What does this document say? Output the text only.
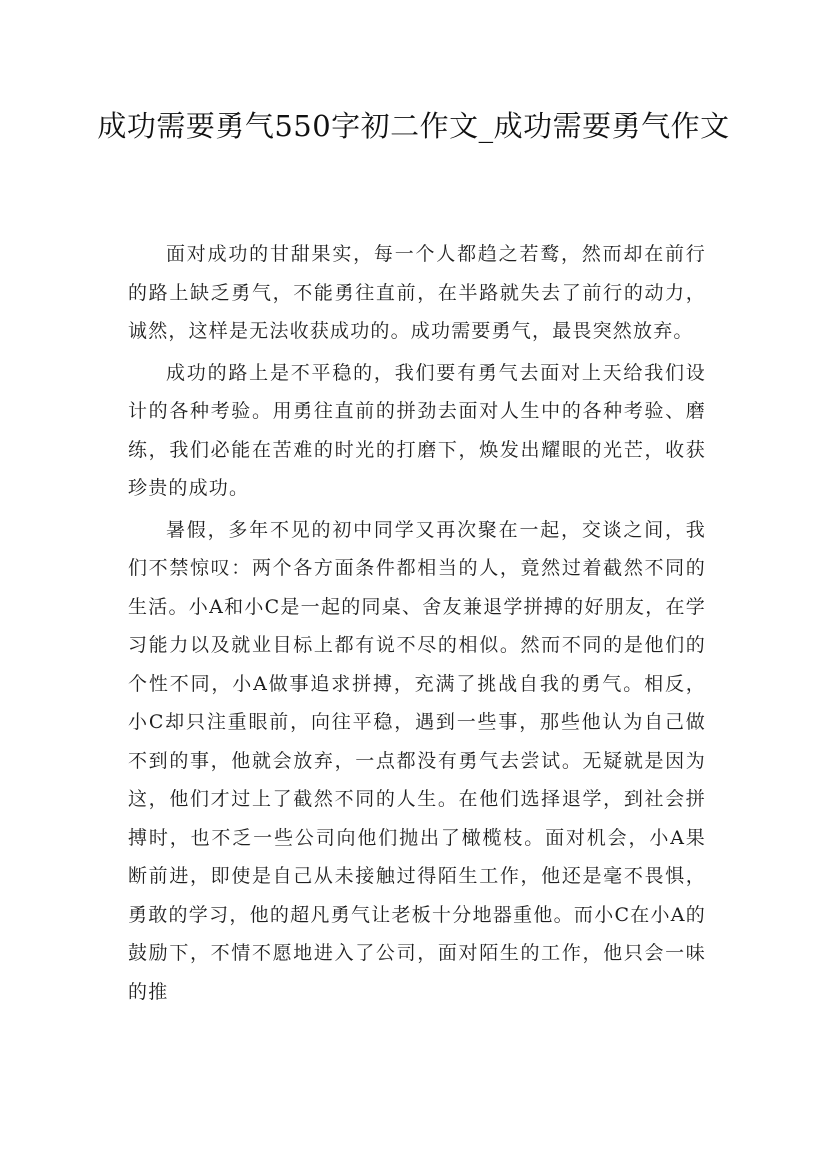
成功需要勇气550字初二作文_成功需要勇气作文

面对成功的甘甜果实，每一个人都趋之若鹜，然而却在前行的路上缺乏勇气，不能勇往直前，在半路就失去了前行的动力，诚然，这样是无法收获成功的。成功需要勇气，最畏突然放弃。

成功的路上是不平稳的，我们要有勇气去面对上天给我们设计的各种考验。用勇往直前的拼劲去面对人生中的各种考验、磨练，我们必能在苦难的时光的打磨下，焕发出耀眼的光芒，收获珍贵的成功。

暑假，多年不见的初中同学又再次聚在一起，交谈之间，我们不禁惊叹：两个各方面条件都相当的人，竟然过着截然不同的生活。小A和小C是一起的同桌、舍友兼退学拼搏的好朋友，在学习能力以及就业目标上都有说不尽的相似。然而不同的是他们的个性不同，小A做事追求拼搏，充满了挑战自我的勇气。相反，小C却只注重眼前，向往平稳，遇到一些事，那些他认为自己做不到的事，他就会放弃，一点都没有勇气去尝试。无疑就是因为这，他们才过上了截然不同的人生。在他们选择退学，到社会拼搏时，也不乏一些公司向他们抛出了橄榄枝。面对机会，小A果断前进，即使是自己从未接触过得陌生工作，他还是毫不畏惧，勇敢的学习，他的超凡勇气让老板十分地器重他。而小C在小A的鼓励下，不情不愿地进入了公司，面对陌生的工作，他只会一味的推
